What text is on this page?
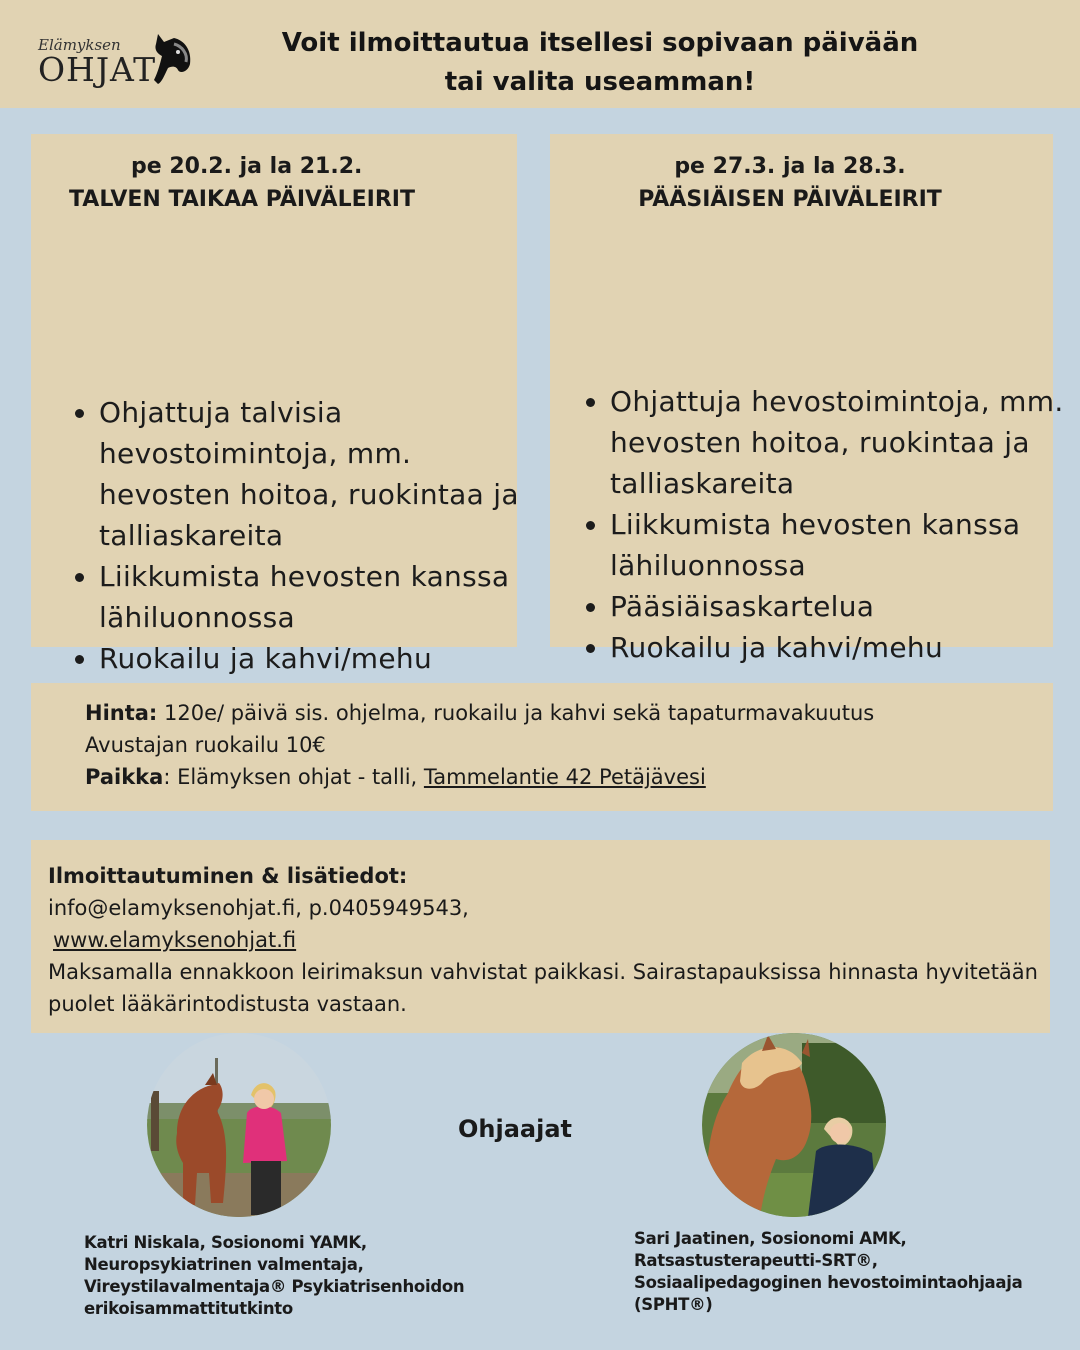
Elämyksen
OHJAT
Voit ilmoittautua itsellesi sopivaan päivään
tai valita useamman!
pe 20.2. ja la 21.2.
TALVEN TAIKAA PÄIVÄLEIRIT
• Ohjattuja talvisia hevostoimintoja, mm. hevosten hoitoa, ruokintaa ja talliaskareita
• Liikkumista hevosten kanssa lähiluonnossa
• Ruokailu ja kahvi/mehu
pe 27.3. ja la 28.3.
PÄÄSIÄISEN PÄIVÄLEIRIT
• Ohjattuja hevostoimintoja, mm. hevosten hoitoa, ruokintaa ja talliaskareita
• Liikkumista hevosten kanssa lähiluonnossa
• Pääsiäisaskartelua
• Ruokailu ja kahvi/mehu
Hinta: 120e/ päivä sis. ohjelma, ruokailu ja kahvi sekä tapaturmavakuutus
Avustajan ruokailu 10€
Paikka: Elämyksen ohjat - talli, Tammelantie 42 Petäjävesi
Ilmoittautuminen & lisätiedot:
info@elamyksenohjat.fi, p.0405949543,
www.elamyksenohjat.fi
Maksamalla ennakkoon leirimaksun vahvistat paikkasi. Sairastapauksissa hinnasta hyvitetään puolet lääkärintodistusta vastaan.
Ohjaajat
Katri Niskala, Sosionomi YAMK,
Neuropsykiatrinen valmentaja,
Vireystilavalmentaja® Psykiatrisenhoidon
erikoisammattitutkinto
Sari Jaatinen, Sosionomi AMK,
Ratsastusterapeutti-SRT®,
Sosiaalipedagoginen hevostoimintaohjaaja
(SPHT®)
